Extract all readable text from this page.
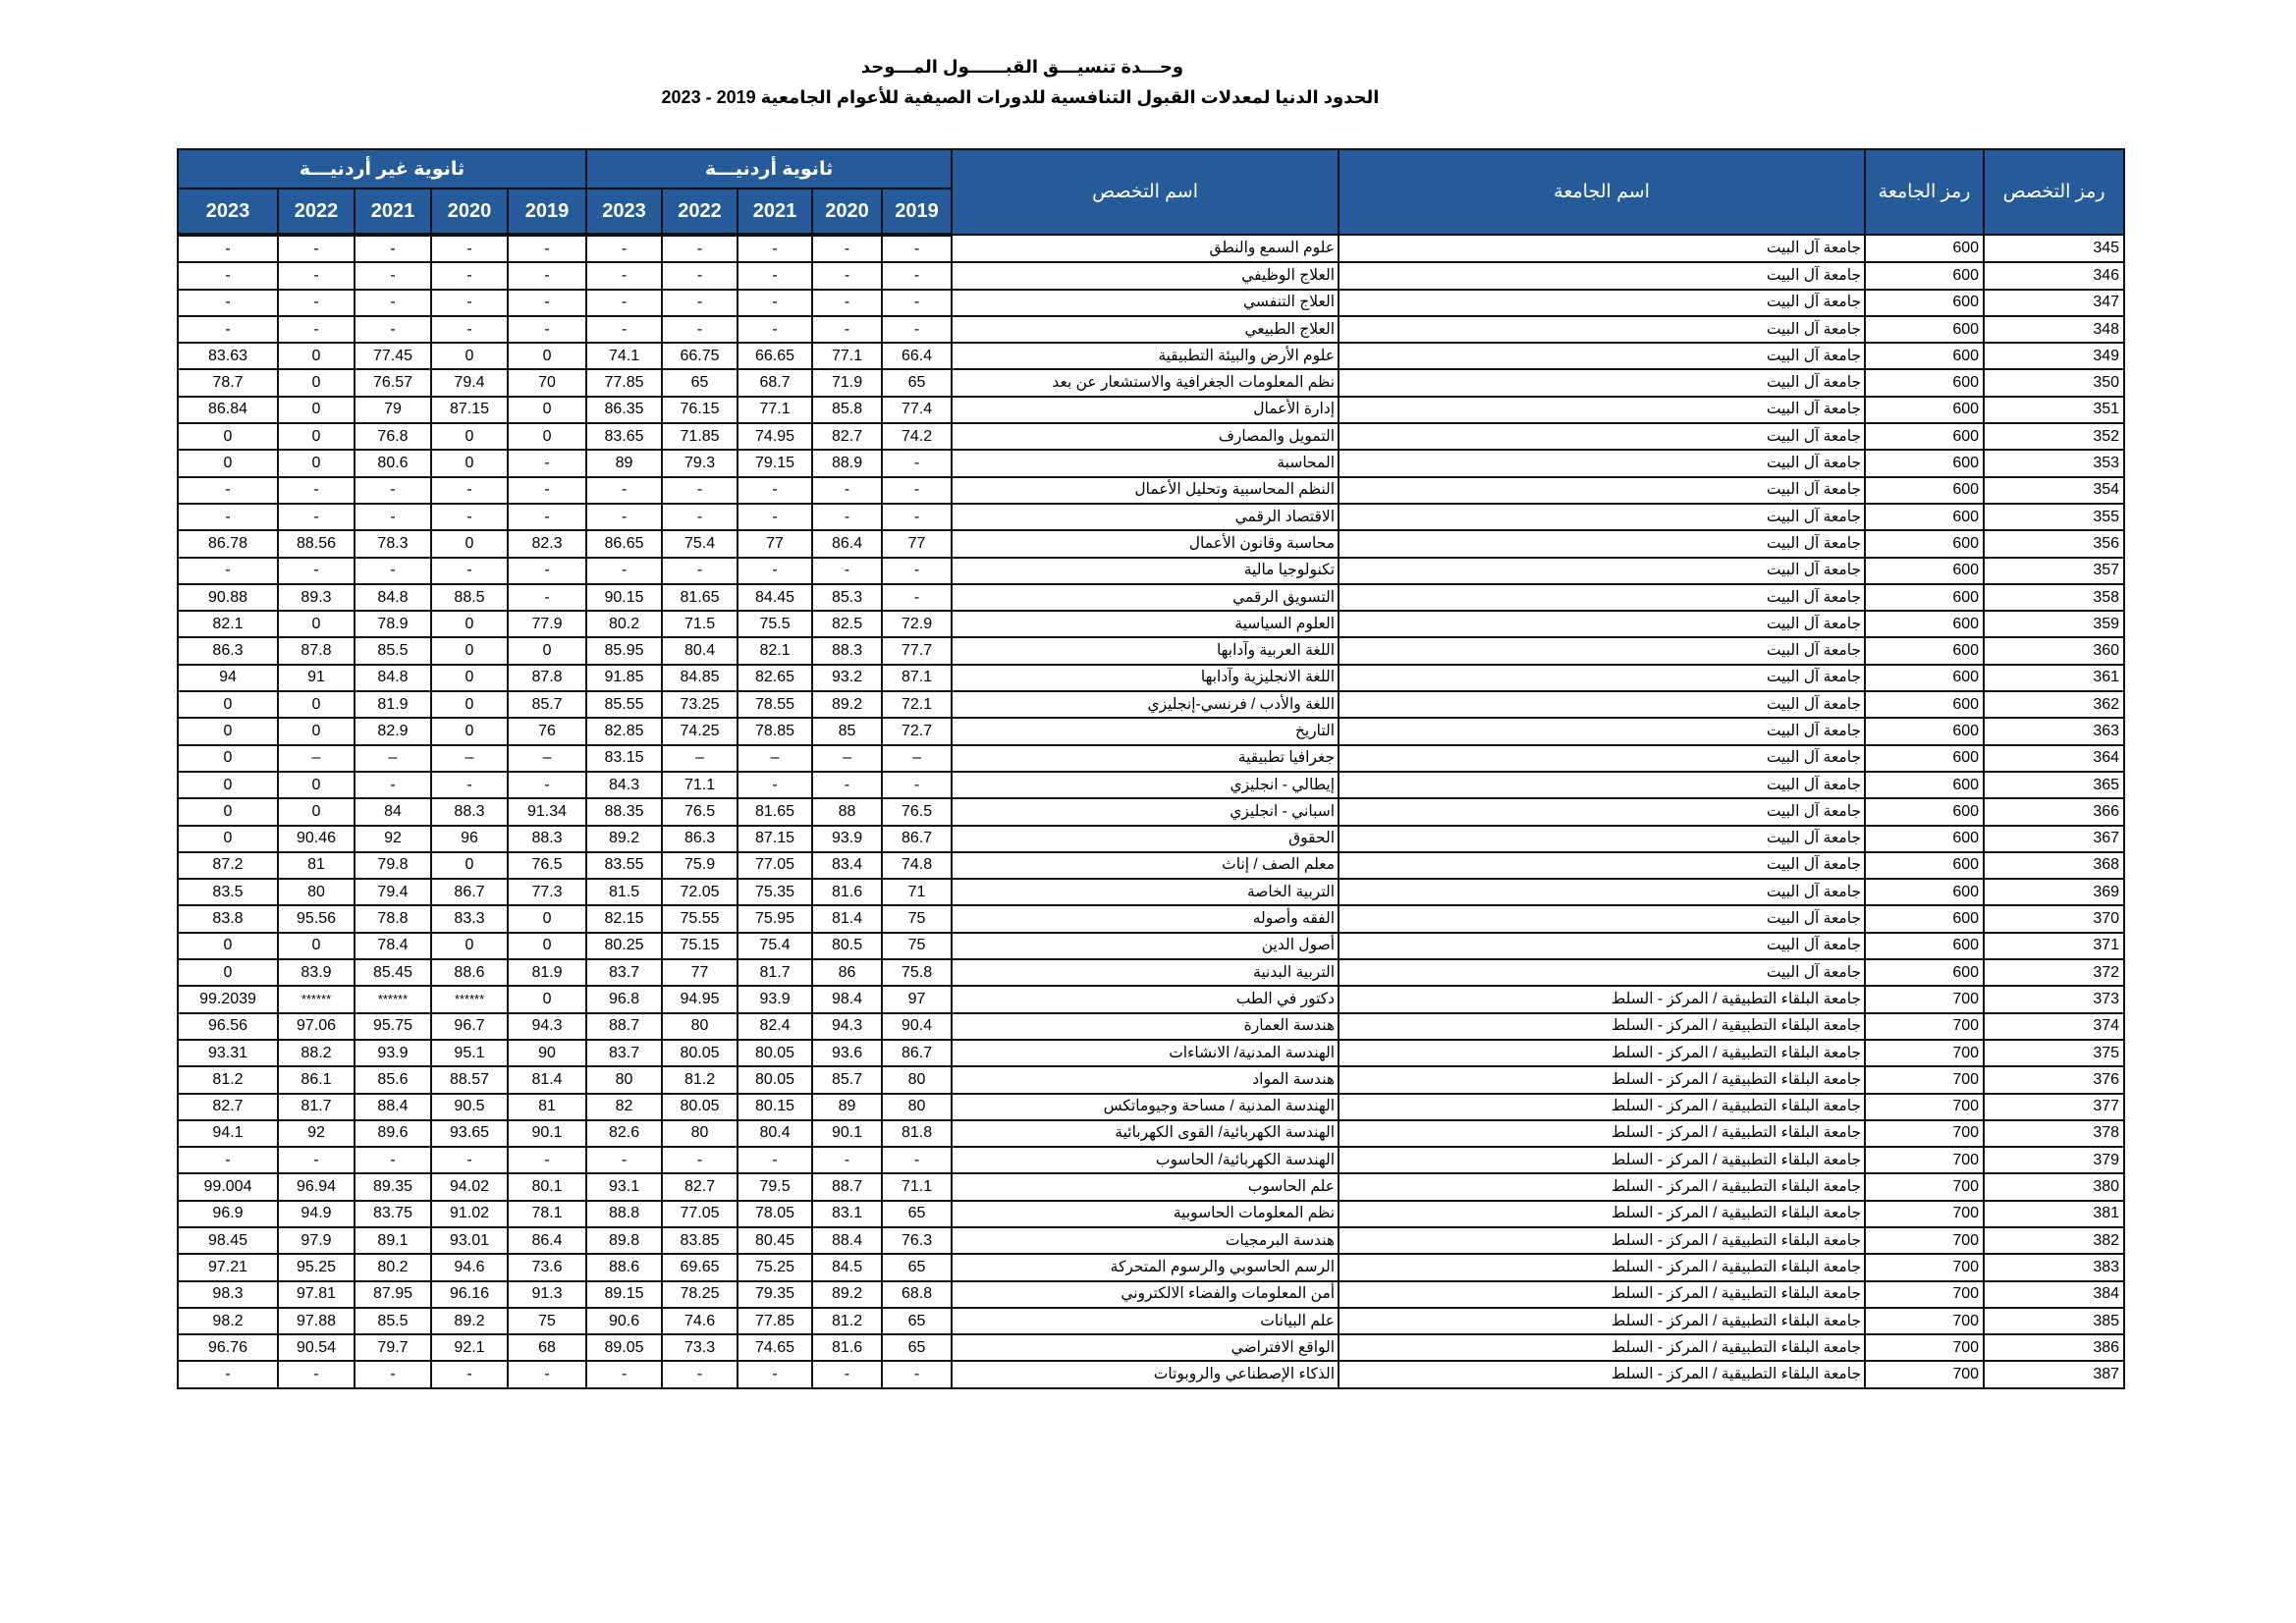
وحـــدة تنسيـــق القبــــــول المـــوحد
الحدود الدنيا لمعدلات القبول التنافسية للدورات الصيفية للأعوام الجامعية 2019 - 2023
ثانوية غير أردنيـــة					ثانوية أردنيـــة					اسم التخصص	اسم الجامعة	رمز الجامعة	رمز التخصص
2023	2022	2021	2020	2019	2023	2022	2021	2020	2019				
-	-	-	-	-	-	-	-	-	-	علوم السمع والنطق	جامعة آل البيت	600	345
-	-	-	-	-	-	-	-	-	-	العلاج الوظيفي	جامعة آل البيت	600	346
-	-	-	-	-	-	-	-	-	-	العلاج التنفسي	جامعة آل البيت	600	347
-	-	-	-	-	-	-	-	-	-	العلاج الطبيعي	جامعة آل البيت	600	348
83.63	0	77.45	0	0	74.1	66.75	66.65	77.1	66.4	علوم الأرض والبيئة التطبيقية	جامعة آل البيت	600	349
78.7	0	76.57	79.4	70	77.85	65	68.7	71.9	65	نظم المعلومات الجغرافية والاستشعار عن بعد	جامعة آل البيت	600	350
86.84	0	79	87.15	0	86.35	76.15	77.1	85.8	77.4	إدارة الأعمال	جامعة آل البيت	600	351
0	0	76.8	0	0	83.65	71.85	74.95	82.7	74.2	التمويل والمصارف	جامعة آل البيت	600	352
0	0	80.6	0	-	89	79.3	79.15	88.9	-	المحاسبة	جامعة آل البيت	600	353
-	-	-	-	-	-	-	-	-	-	النظم المحاسبية وتحليل الأعمال	جامعة آل البيت	600	354
-	-	-	-	-	-	-	-	-	-	الاقتصاد الرقمي	جامعة آل البيت	600	355
86.78	88.56	78.3	0	82.3	86.65	75.4	77	86.4	77	محاسبة وقانون الأعمال	جامعة آل البيت	600	356
-	-	-	-	-	-	-	-	-	-	تكنولوجيا مالية	جامعة آل البيت	600	357
90.88	89.3	84.8	88.5	-	90.15	81.65	84.45	85.3	-	التسويق الرقمي	جامعة آل البيت	600	358
82.1	0	78.9	0	77.9	80.2	71.5	75.5	82.5	72.9	العلوم السياسية	جامعة آل البيت	600	359
86.3	87.8	85.5	0	0	85.95	80.4	82.1	88.3	77.7	اللغة العربية وآدابها	جامعة آل البيت	600	360
94	91	84.8	0	87.8	91.85	84.85	82.65	93.2	87.1	اللغة الانجليزية وآدابها	جامعة آل البيت	600	361
0	0	81.9	0	85.7	85.55	73.25	78.55	89.2	72.1	اللغة والأدب / فرنسي-إنجليزي	جامعة آل البيت	600	362
0	0	82.9	0	76	82.85	74.25	78.85	85	72.7	التاريخ	جامعة آل البيت	600	363
0	–	–	–	–	83.15	–	–	–	–	جغرافيا تطبيقية	جامعة آل البيت	600	364
0	0	-	-	-	84.3	71.1	-	-	-	إيطالي - انجليزي	جامعة آل البيت	600	365
0	0	84	88.3	91.34	88.35	76.5	81.65	88	76.5	اسباني - انجليزي	جامعة آل البيت	600	366
0	90.46	92	96	88.3	89.2	86.3	87.15	93.9	86.7	الحقوق	جامعة آل البيت	600	367
87.2	81	79.8	0	76.5	83.55	75.9	77.05	83.4	74.8	معلم الصف / إناث	جامعة آل البيت	600	368
83.5	80	79.4	86.7	77.3	81.5	72.05	75.35	81.6	71	التربية الخاصة	جامعة آل البيت	600	369
83.8	95.56	78.8	83.3	0	82.15	75.55	75.95	81.4	75	الفقه وأصوله	جامعة آل البيت	600	370
0	0	78.4	0	0	80.25	75.15	75.4	80.5	75	أصول الدين	جامعة آل البيت	600	371
0	83.9	85.45	88.6	81.9	83.7	77	81.7	86	75.8	التربية البدنية	جامعة آل البيت	600	372
99.2039	******	******	******	0	96.8	94.95	93.9	98.4	97	دكتور في الطب	جامعة البلقاء التطبيقية / المركز - السلط	700	373
96.56	97.06	95.75	96.7	94.3	88.7	80	82.4	94.3	90.4	هندسة العمارة	جامعة البلقاء التطبيقية / المركز - السلط	700	374
93.31	88.2	93.9	95.1	90	83.7	80.05	80.05	93.6	86.7	الهندسة المدنية/ الانشاءات	جامعة البلقاء التطبيقية / المركز - السلط	700	375
81.2	86.1	85.6	88.57	81.4	80	81.2	80.05	85.7	80	هندسة المواد	جامعة البلقاء التطبيقية / المركز - السلط	700	376
82.7	81.7	88.4	90.5	81	82	80.05	80.15	89	80	الهندسة المدنية / مساحة وجيوماتكس	جامعة البلقاء التطبيقية / المركز - السلط	700	377
94.1	92	89.6	93.65	90.1	82.6	80	80.4	90.1	81.8	الهندسة الكهربائية/ القوى الكهربائية	جامعة البلقاء التطبيقية / المركز - السلط	700	378
-	-	-	-	-	-	-	-	-	-	الهندسة الكهربائية/ الحاسوب	جامعة البلقاء التطبيقية / المركز - السلط	700	379
99.004	96.94	89.35	94.02	80.1	93.1	82.7	79.5	88.7	71.1	علم الحاسوب	جامعة البلقاء التطبيقية / المركز - السلط	700	380
96.9	94.9	83.75	91.02	78.1	88.8	77.05	78.05	83.1	65	نظم المعلومات الحاسوبية	جامعة البلقاء التطبيقية / المركز - السلط	700	381
98.45	97.9	89.1	93.01	86.4	89.8	83.85	80.45	88.4	76.3	هندسة البرمجيات	جامعة البلقاء التطبيقية / المركز - السلط	700	382
97.21	95.25	80.2	94.6	73.6	88.6	69.65	75.25	84.5	65	الرسم الحاسوبي والرسوم المتحركة	جامعة البلقاء التطبيقية / المركز - السلط	700	383
98.3	97.81	87.95	96.16	91.3	89.15	78.25	79.35	89.2	68.8	أمن المعلومات والفضاء الالكتروني	جامعة البلقاء التطبيقية / المركز - السلط	700	384
98.2	97.88	85.5	89.2	75	90.6	74.6	77.85	81.2	65	علم البيانات	جامعة البلقاء التطبيقية / المركز - السلط	700	385
96.76	90.54	79.7	92.1	68	89.05	73.3	74.65	81.6	65	الواقع الافتراضي	جامعة البلقاء التطبيقية / المركز - السلط	700	386
-	-	-	-	-	-	-	-	-	-	الذكاء الإصطناعي والروبوتات	جامعة البلقاء التطبيقية / المركز - السلط	700	387
